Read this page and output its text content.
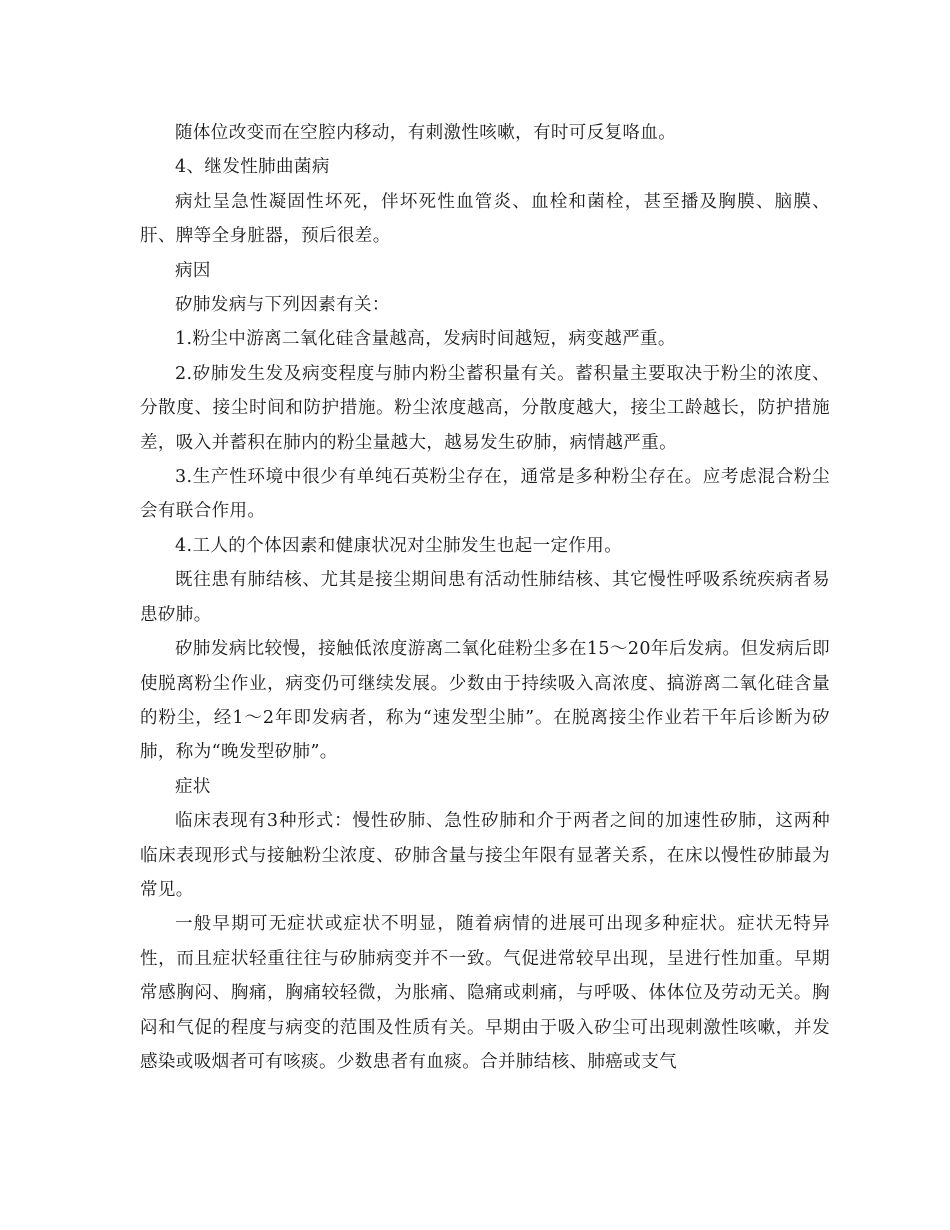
随体位改变而在空腔内移动，有刺激性咳嗽，有时可反复咯血。

4、继发性肺曲菌病

病灶呈急性凝固性坏死，伴坏死性血管炎、血栓和菌栓，甚至播及胸膜、脑膜、肝、脾等全身脏器，预后很差。

病因

矽肺发病与下列因素有关：

1.粉尘中游离二氧化硅含量越高，发病时间越短，病变越严重。

2.矽肺发生发及病变程度与肺内粉尘蓄积量有关。蓄积量主要取决于粉尘的浓度、分散度、接尘时间和防护措施。粉尘浓度越高，分散度越大，接尘工龄越长，防护措施差，吸入并蓄积在肺内的粉尘量越大，越易发生矽肺，病情越严重。

3.生产性环境中很少有单纯石英粉尘存在，通常是多种粉尘存在。应考虑混合粉尘会有联合作用。

4.工人的个体因素和健康状况对尘肺发生也起一定作用。

既往患有肺结核、尤其是接尘期间患有活动性肺结核、其它慢性呼吸系统疾病者易患矽肺。

矽肺发病比较慢，接触低浓度游离二氧化硅粉尘多在15～20年后发病。但发病后即使脱离粉尘作业，病变仍可继续发展。少数由于持续吸入高浓度、搞游离二氧化硅含量的粉尘，经1～2年即发病者，称为“速发型尘肺”。在脱离接尘作业若干年后诊断为矽肺，称为“晚发型矽肺”。

症状

临床表现有3种形式：慢性矽肺、急性矽肺和介于两者之间的加速性矽肺，这两种临床表现形式与接触粉尘浓度、矽肺含量与接尘年限有显著关系，在床以慢性矽肺最为常见。

一般早期可无症状或症状不明显，随着病情的进展可出现多种症状。症状无特异性，而且症状轻重往往与矽肺病变并不一致。气促进常较早出现，呈进行性加重。早期常感胸闷、胸痛，胸痛较轻微，为胀痛、隐痛或刺痛，与呼吸、体体位及劳动无关。胸闷和气促的程度与病变的范围及性质有关。早期由于吸入矽尘可出现刺激性咳嗽，并发感染或吸烟者可有咳痰。少数患者有血痰。合并肺结核、肺癌或支气
